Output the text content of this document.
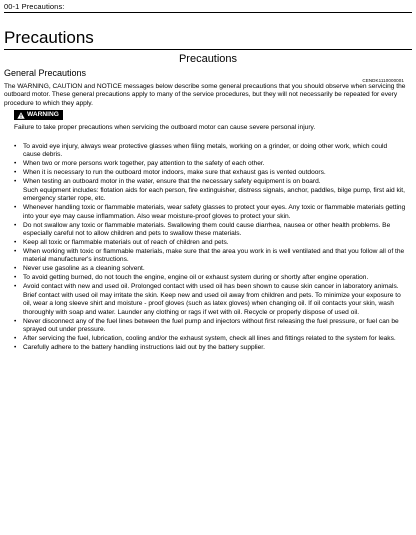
00-1 Precautions:
Precautions
Precautions
General Precautions
CENDK1110000001
The WARNING, CAUTION and NOTICE messages below describe some general precautions that you should observe when servicing the outboard motor. These general precautions apply to many of the service procedures, but they will not necessarily be repeated for every procedure to which they apply.
WARNING
Failure to take proper precautions when servicing the outboard motor can cause severe personal injury.
• To avoid eye injury, always wear protective glasses when filing metals, working on a grinder, or doing other work, which could cause debris.
• When two or more persons work together, pay attention to the safety of each other.
• When it is necessary to run the outboard motor indoors, make sure that exhaust gas is vented outdoors.
• When testing an outboard motor in the water, ensure that the necessary safety equipment is on board.
Such equipment includes: flotation aids for each person, fire extinguisher, distress signals, anchor, paddles, bilge pump, first aid kit, emergency starter rope, etc.
• Whenever handling toxic or flammable materials, wear safety glasses to protect your eyes. Any toxic or flammable materials getting into your eye may cause inflammation. Also wear moisture-proof gloves to protect your skin.
• Do not swallow any toxic or flammable materials. Swallowing them could cause diarrhea, nausea or other health problems. Be especially careful not to allow children and pets to swallow these materials.
• Keep all toxic or flammable materials out of reach of children and pets.
• When working with toxic or flammable materials, make sure that the area you work in is well ventilated and that you follow all of the material manufacturer's instructions.
• Never use gasoline as a cleaning solvent.
• To avoid getting burned, do not touch the engine, engine oil or exhaust system during or shortly after engine operation.
• Avoid contact with new and used oil. Prolonged contact with used oil has been shown to cause skin cancer in laboratory animals. Brief contact with used oil may irritate the skin. Keep new and used oil away from children and pets. To minimize your exposure to oil, wear a long sleeve shirt and moisture - proof gloves (such as latex gloves) when changing oil. If oil contacts your skin, wash thoroughly with soap and water. Launder any clothing or rags if wet with oil. Recycle or properly dispose of used oil.
• Never disconnect any of the fuel lines between the fuel pump and injectors without first releasing the fuel pressure, or fuel can be sprayed out under pressure.
• After servicing the fuel, lubrication, cooling and/or the exhaust system, check all lines and fittings related to the system for leaks.
• Carefully adhere to the battery handling instructions laid out by the battery supplier.
